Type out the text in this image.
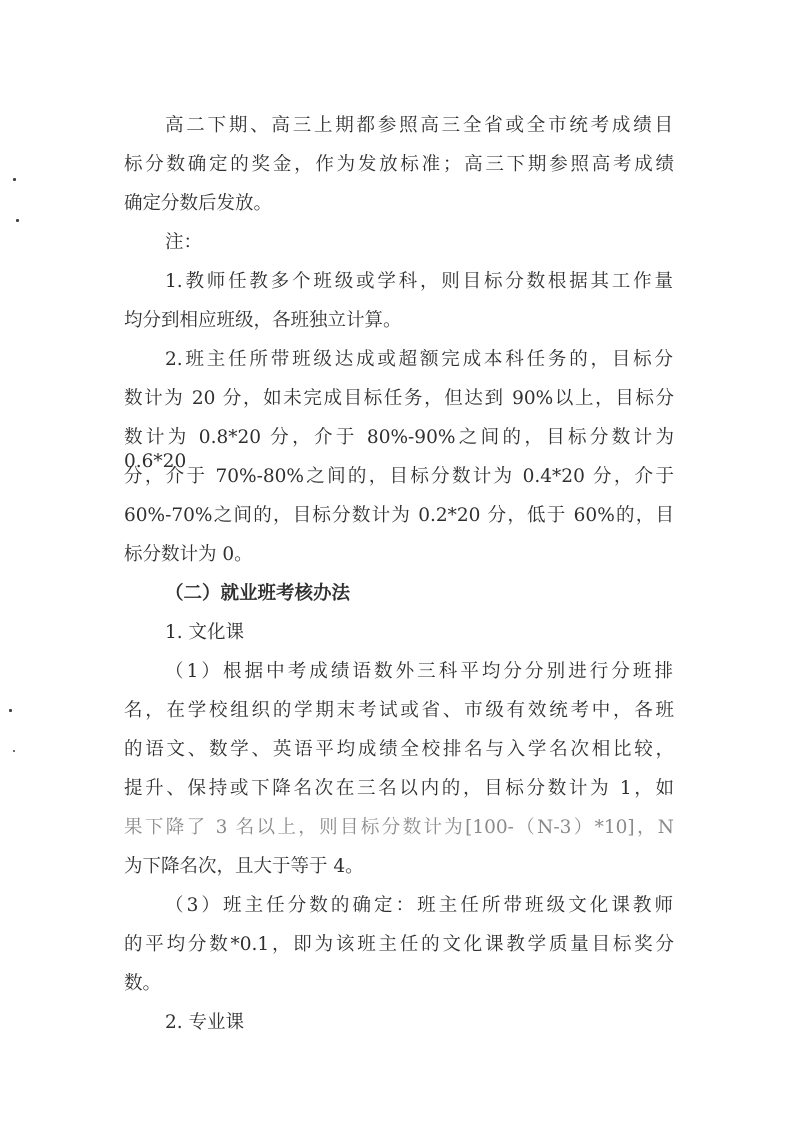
高二下期、高三上期都参照高三全省或全市统考成绩目
标分数确定的奖金，作为发放标准；高三下期参照高考成绩
确定分数后发放。
注：
1.教师任教多个班级或学科，则目标分数根据其工作量
均分到相应班级，各班独立计算。
2.班主任所带班级达成或超额完成本科任务的，目标分
数计为 20 分，如未完成目标任务，但达到 90%以上，目标分
数计为 0.8*20 分，介于 80%-90%之间的，目标分数计为 0.6*20
分，介于 70%-80%之间的，目标分数计为 0.4*20 分，介于
60%-70%之间的，目标分数计为 0.2*20 分，低于 60%的，目
标分数计为 0。
（二）就业班考核办法
1. 文化课
（1）根据中考成绩语数外三科平均分分别进行分班排
名，在学校组织的学期末考试或省、市级有效统考中，各班
的语文、数学、英语平均成绩全校排名与入学名次相比较，
提升、保持或下降名次在三名以内的，目标分数计为 1，如
果下降了 3 名以上，则目标分数计为[100-（N-3）*10]，N
为下降名次，且大于等于 4。
（3）班主任分数的确定：班主任所带班级文化课教师
的平均分数*0.1，即为该班主任的文化课教学质量目标奖分
数。
2. 专业课
